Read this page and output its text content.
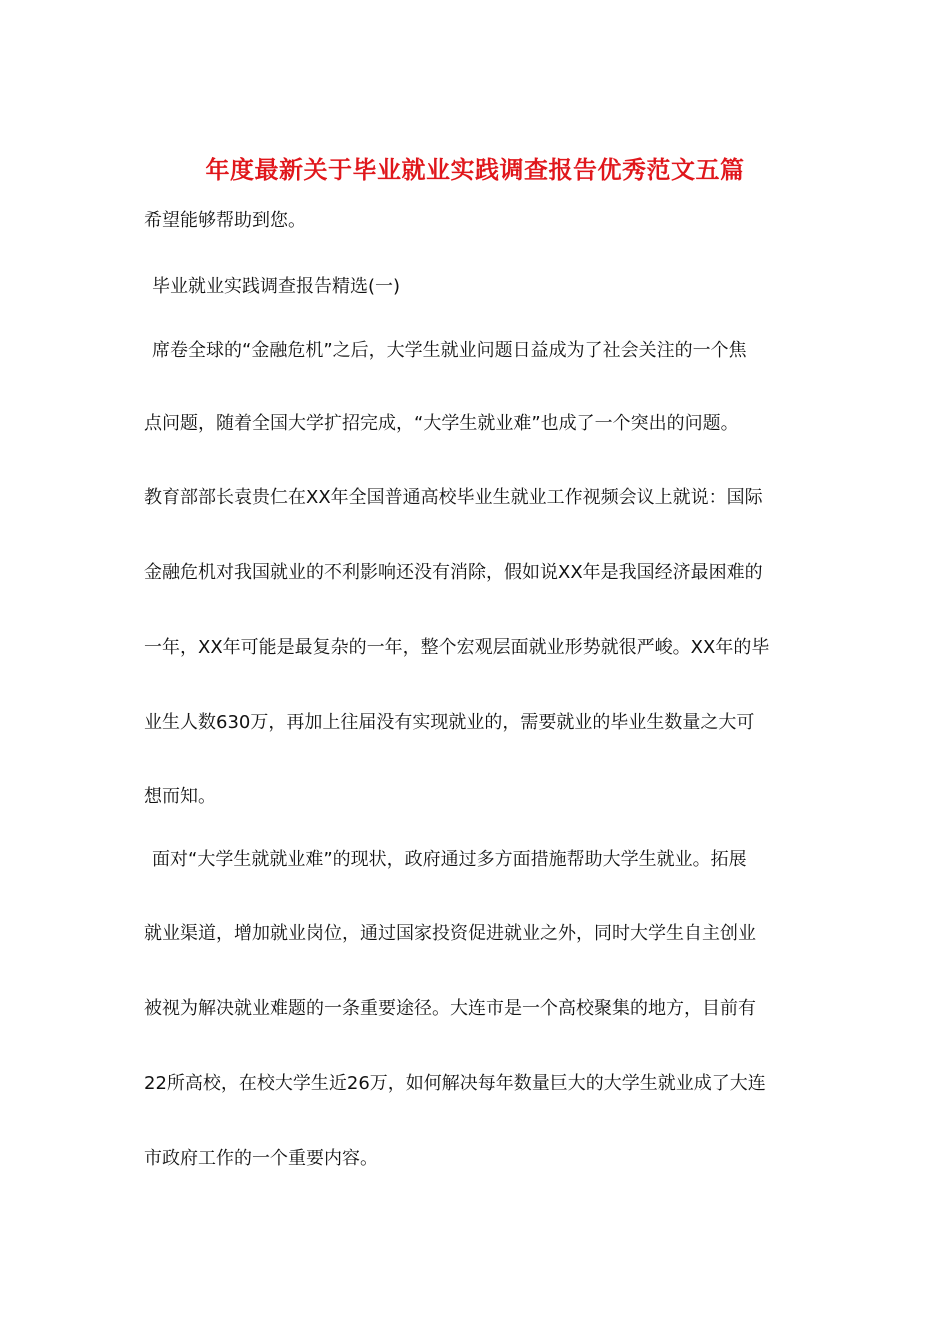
年度最新关于毕业就业实践调查报告优秀范文五篇
希望能够帮助到您。
毕业就业实践调查报告精选(一)
席卷全球的“金融危机”之后，大学生就业问题日益成为了社会关注的一个焦
点问题，随着全国大学扩招完成，“大学生就业难”也成了一个突出的问题。
教育部部长袁贵仁在XX年全国普通高校毕业生就业工作视频会议上就说：国际
金融危机对我国就业的不利影响还没有消除，假如说XX年是我国经济最困难的
一年，XX年可能是最复杂的一年，整个宏观层面就业形势就很严峻。XX年的毕
业生人数630万，再加上往届没有实现就业的，需要就业的毕业生数量之大可
想而知。
面对“大学生就就业难”的现状，政府通过多方面措施帮助大学生就业。拓展
就业渠道，增加就业岗位，通过国家投资促进就业之外，同时大学生自主创业
被视为解决就业难题的一条重要途径。大连市是一个高校聚集的地方，目前有
22所高校，在校大学生近26万，如何解决每年数量巨大的大学生就业成了大连
市政府工作的一个重要内容。
